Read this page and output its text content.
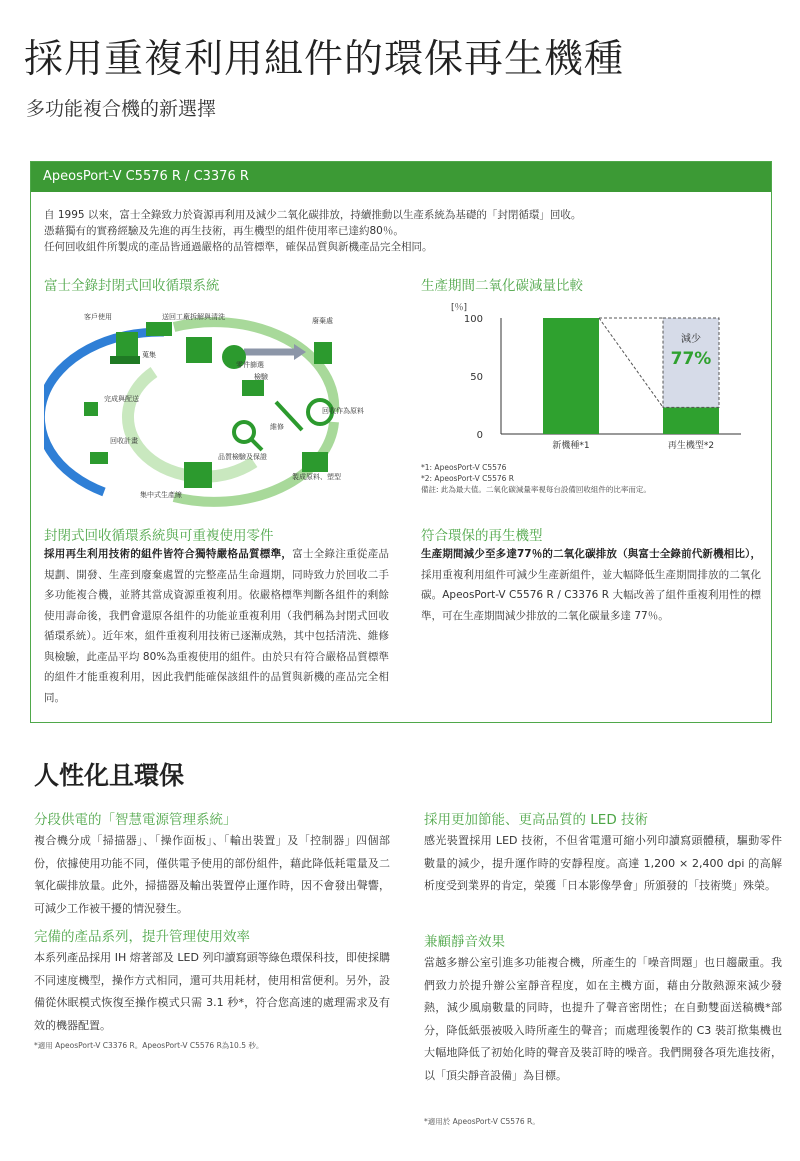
採用重複利用組件的環保再生機種
多功能複合機的新選擇
ApeosPort-V C5576 R / C3376 R

自 1995 以來，富士全錄致力於資源再利用及減少二氧化碳排放，持續推動以生產系統為基礎的「封閉循環」回收。

憑藉獨有的實務經驗及先進的再生技術，再生機型的組件使用率已達約80％。

任何回收組件所製成的產品皆通過嚴格的品管標準，確保品質與新機產品完全相同。

富士全錄封閉式回收循環系統
客戶使用	送回工廠拆解與清洗	廢棄處
蒐集
零件篩選
檢驗
完成與配送
回收作為原料
維修
回收計畫
品質檢驗及保證
製成原料、塑型
集中式生產線
生產期間二氧化碳減量比較
[％]
100
50
0
減少
77%
新機種*1	再生機型*2
*1: ApeosPort-V C5576
*2: ApeosPort-V C5576 R
備註: 此為最大值。二氧化碳減量率視每台設備回收組件的比率而定。
封閉式回收循環系統與可重複使用零件
採用再生利用技術的組件皆符合獨特嚴格品質標準，富士全錄注重從產品規劃、開發、生產到廢棄處置的完整產品生命週期，同時致力於回收二手多功能複合機，並將其當成資源重複利用。依嚴格標準判斷各組件的剩餘使用壽命後，我們會還原各組件的功能並重複利用（我們稱為封閉式回收循環系統）。近年來，組件重複利用技術已逐漸成熟，其中包括清洗、維修與檢驗，此產品平均 80%為重複使用的組件。由於只有符合嚴格品質標準的組件才能重複利用，因此我們能確保該組件的品質與新機的產品完全相同。
符合環保的再生機型
生產期間減少至多達77％的二氧化碳排放（與富士全錄前代新機相比），採用重複利用組件可減少生產新組件，並大幅降低生產期間排放的二氧化碳。ApeosPort-V C5576 R / C3376 R 大幅改善了組件重複利用性的標準，可在生產期間減少排放的二氧化碳量多達 77％。
人性化且環保
分段供電的「智慧電源管理系統」
複合機分成「掃描器」、「操作面板」、「輸出裝置」及「控制器」四個部份，依據使用功能不同，僅供電予使用的部份組件，藉此降低耗電量及二氧化碳排放量。此外，掃描器及輸出裝置停止運作時，因不會發出聲響，可減少工作被干擾的情況發生。
完備的產品系列，提升管理使用效率
本系列產品採用 IH 熔著部及 LED 列印讀寫頭等綠色環保科技，即使採購不同速度機型，操作方式相同，還可共用耗材，使用相當便利。另外，設備從休眠模式恢復至操作模式只需 3.1 秒*，符合您高速的處理需求及有效的機器配置。
*適用 ApeosPort-V C3376 R。ApeosPort-V C5576 R為10.5 秒。
採用更加節能、更高品質的 LED 技術
感光裝置採用 LED 技術，不但省電還可縮小列印讀寫頭體積，驅動零件數量的減少，提升運作時的安靜程度。高達 1,200 × 2,400 dpi 的高解析度受到業界的肯定，榮獲「日本影像學會」所頒發的「技術獎」殊榮。
兼顧靜音效果
當越多辦公室引進多功能複合機，所產生的「噪音問題」也日趨嚴重。我們致力於提升辦公室靜音程度，如在主機方面，藉由分散熱源來減少發熱，減少風扇數量的同時，也提升了聲音密閉性；在自動雙面送稿機*部分，降低紙張被吸入時所產生的聲音；而處理後製作的 C3 裝訂揿集機也大幅地降低了初始化時的聲音及裝訂時的噪音。我們開發各項先進技術，以「頂尖靜音設備」為目標。
*適用於 ApeosPort-V C5576 R。
